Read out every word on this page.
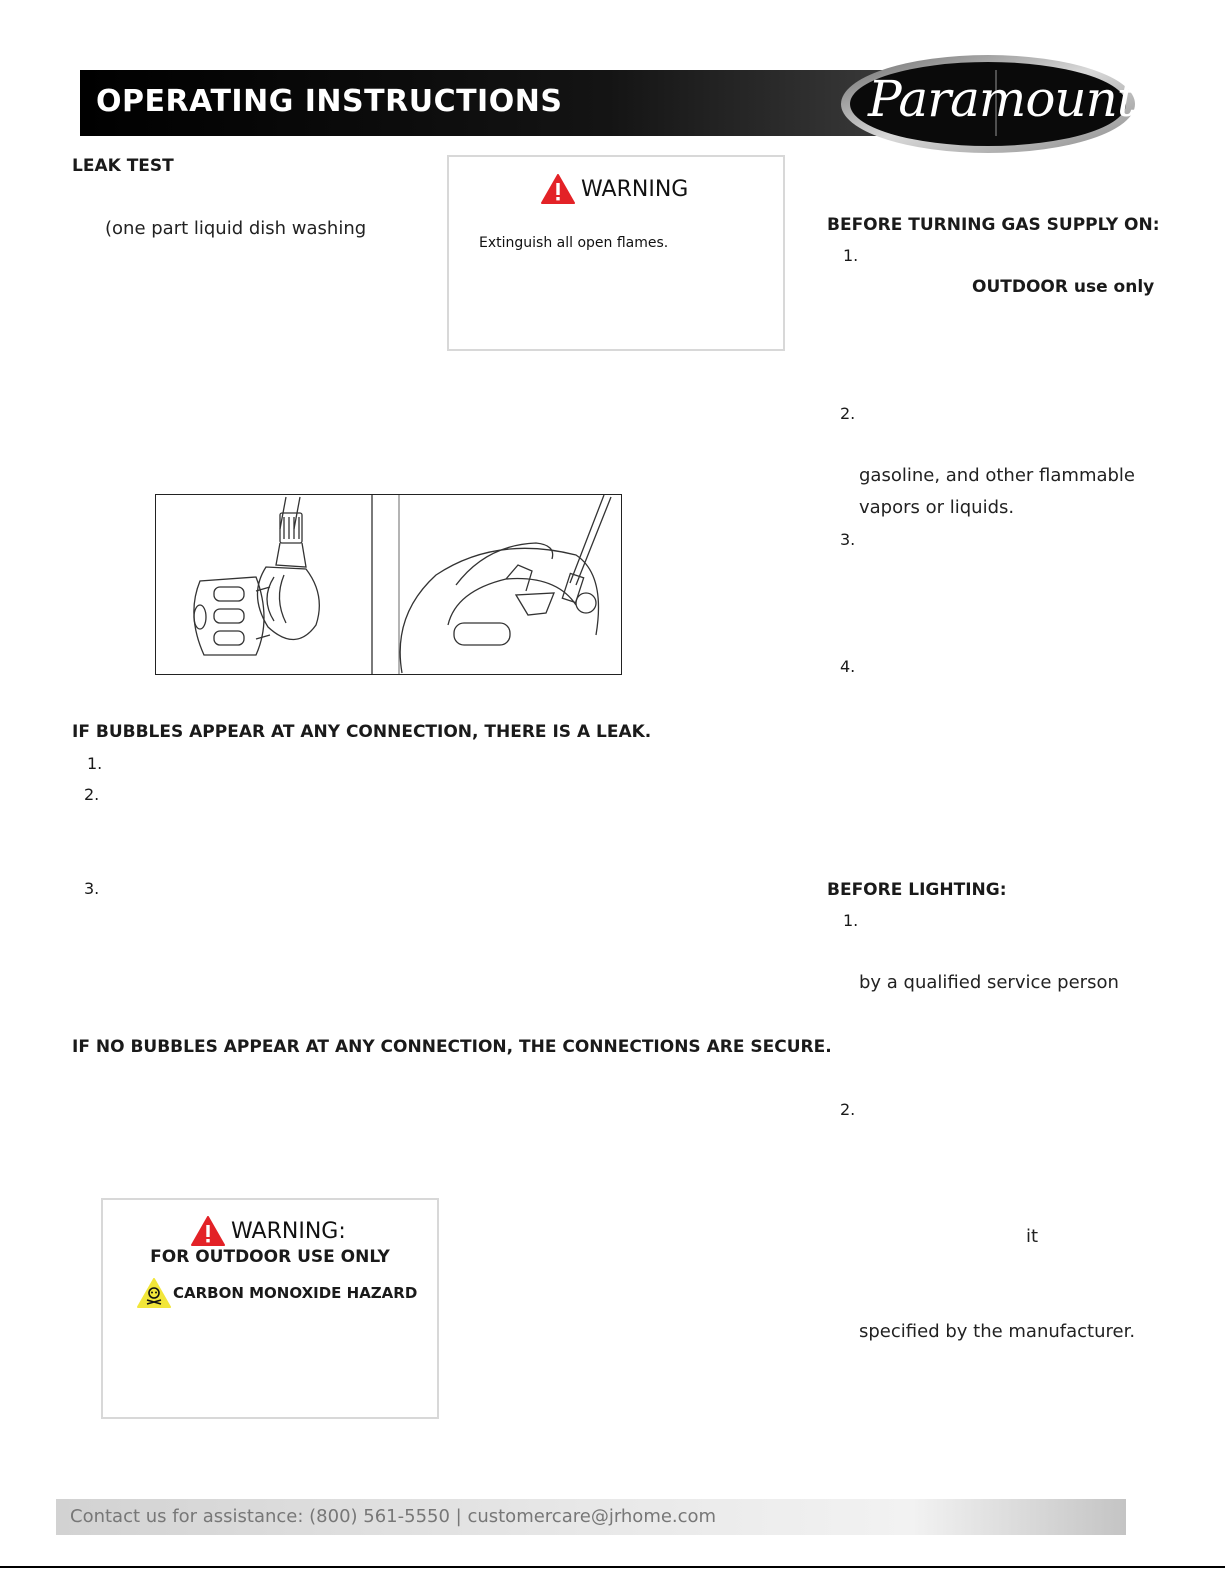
OPERATING INSTRUCTIONS	Paramount
LEAK TEST
(one part liquid dish washing
WARNING
Extinguish all open flames.
BEFORE TURNING GAS SUPPLY ON:
1.
OUTDOOR use only
2.
gasoline, and other flammable
vapors or liquids.
3.
4.
IF BUBBLES APPEAR AT ANY CONNECTION, THERE IS A LEAK.
1.
2.
3.	BEFORE LIGHTING:
1.
by a qualified service person
IF NO BUBBLES APPEAR AT ANY CONNECTION, THE CONNECTIONS ARE SECURE.
2.
it
specified by the manufacturer.
WARNING:
FOR OUTDOOR USE ONLY
CARBON MONOXIDE HAZARD
Contact us for assistance: (800) 561-5550 | customercare@jrhome.com
